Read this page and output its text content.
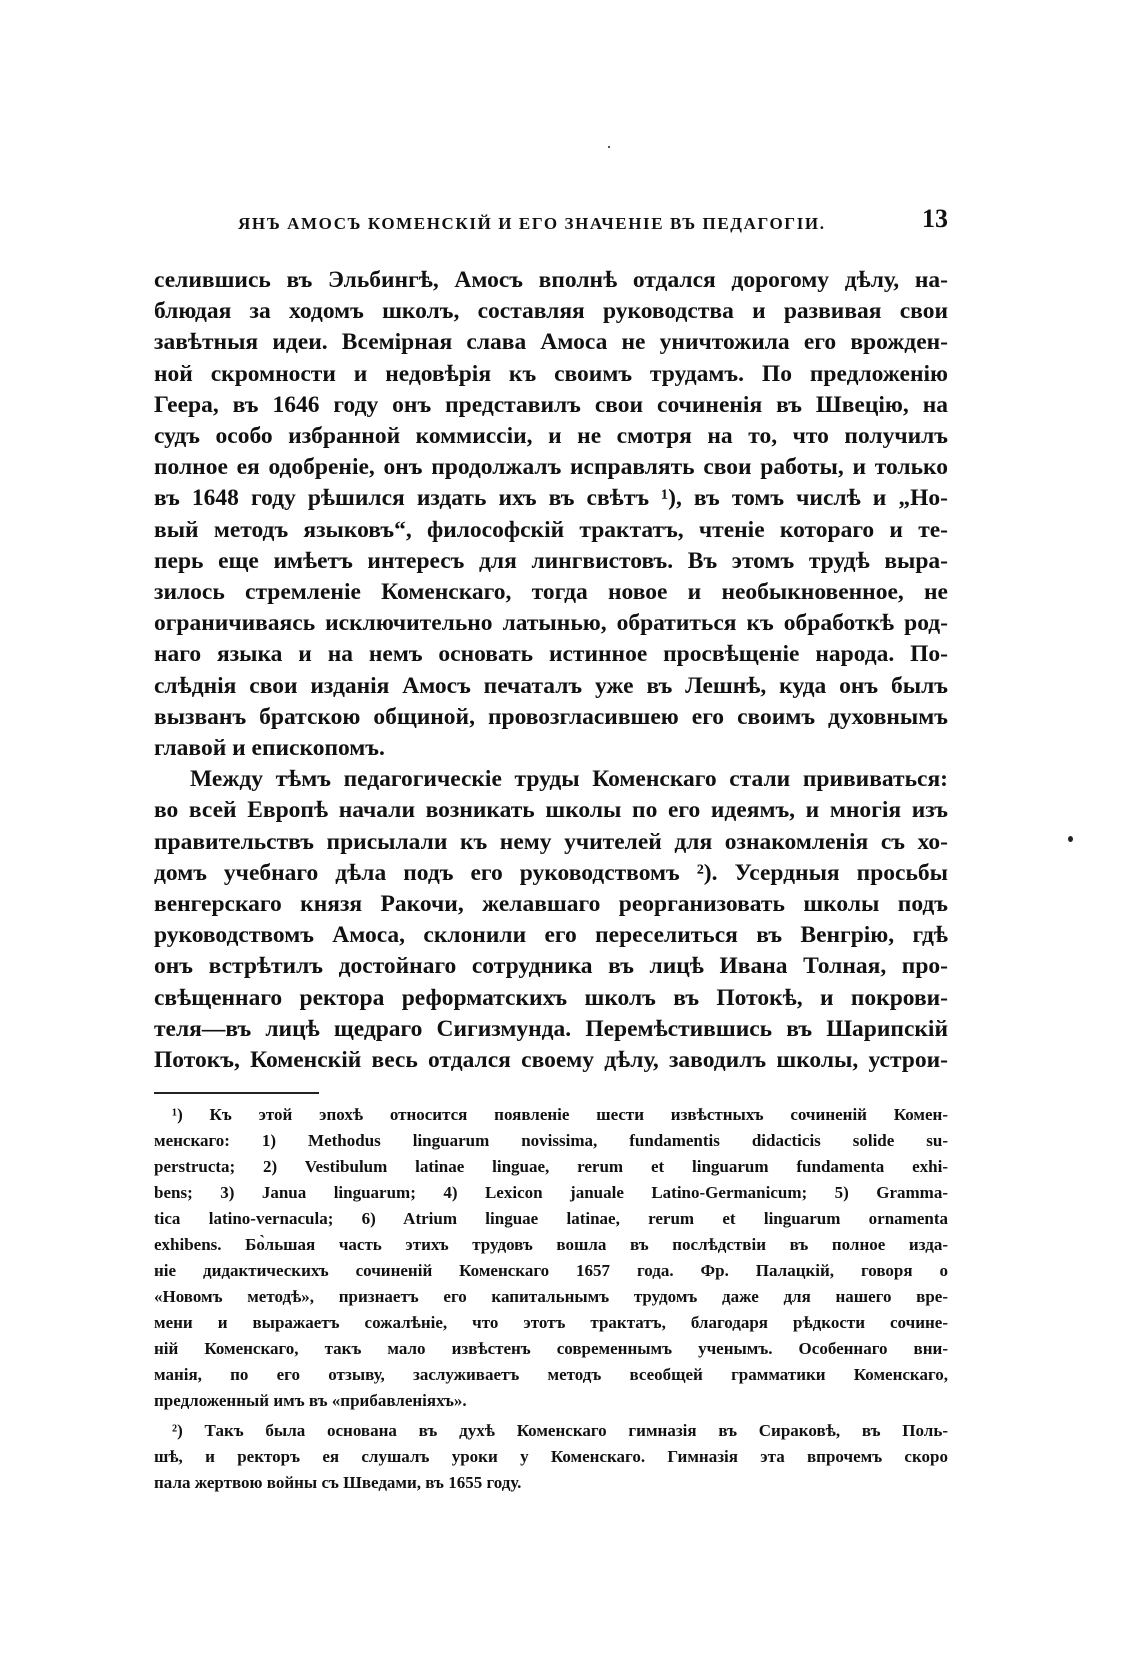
ЯНЪ АМОСЪ КОМЕНСКІЙ И ЕГО ЗНАЧЕНІЕ ВЪ ПЕДАГОГІИ.	13

селившись въ Эльбингѣ, Амосъ вполнѣ отдался дорогому дѣлу, на-
блюдая за ходомъ школъ, составляя руководства и развивая свои
завѣтныя идеи. Всемірная слава Амоса не уничтожила его врожден-
ной скромности и недовѣрія къ своимъ трудамъ. По предложенію
Геера, въ 1646 году онъ представилъ свои сочиненія въ Швецію, на
судъ особо избранной коммиссіи, и не смотря на то, что получилъ
полное ея одобреніе, онъ продолжалъ исправлять свои работы, и только
въ 1648 году рѣшился издать ихъ въ свѣтъ ¹), въ томъ числѣ и „Но-
вый методъ языковъ“, философскій трактатъ, чтеніе котораго и те-
перь еще имѣетъ интересъ для лингвистовъ. Въ этомъ трудѣ выра-
зилось стремленіе Коменскаго, тогда новое и необыкновенное, не
ограничиваясь исключительно латынью, обратиться къ обработкѣ род-
наго языка и на немъ основать истинное просвѣщеніе народа. По-
слѣднія свои изданія Амосъ печаталъ уже въ Лешнѣ, куда онъ былъ
вызванъ братскою общиной, провозгласившею его своимъ духовнымъ
главой и епископомъ.

Между тѣмъ педагогическіе труды Коменскаго стали прививаться:
во всей Европѣ начали возникать школы по его идеямъ, и многія изъ
правительствъ присылали къ нему учителей для ознакомленія съ хо-
домъ учебнаго дѣла подъ его руководствомъ ²). Усердныя просьбы
венгерскаго князя Ракочи, желавшаго реорганизовать школы подъ
руководствомъ Амоса, склонили его переселиться въ Венгрію, гдѣ
онъ встрѣтилъ достойнаго сотрудника въ лицѣ Ивана Толная, про-
свѣщеннаго ректора реформатскихъ школъ въ Потокѣ, и покрови-
теля—въ лицѣ щедраго Сигизмунда. Перемѣстившись въ Шарипскій
Потокъ, Коменскій весь отдался своему дѣлу, заводилъ школы, устрои-

¹) Къ этой эпохѣ относится появленіе шести извѣстныхъ сочиненій Комен-
менскаго: 1) Methodus linguarum novissima, fundamentis didacticis solide su-
perstructa; 2) Vestibulum latinae linguae, rerum et linguarum fundamenta exhi-
bens; 3) Janua linguarum; 4) Lexicon januale Latino-Germanicum; 5) Gramma-
tica latino-vernacula; 6) Atrium linguae latinae, rerum et linguarum ornamenta
exhibens. Бо̀льшая часть этихъ трудовъ вошла въ послѣдствіи въ полное изда-
ніе дидактическихъ сочиненій Коменскаго 1657 года. Фр. Палацкій, говоря о
«Новомъ методѣ», признаетъ его капитальнымъ трудомъ даже для нашего вре-
мени и выражаетъ сожалѣніе, что этотъ трактатъ, благодаря рѣдкости сочине-
ній Коменскаго, такъ мало извѣстенъ современнымъ ученымъ. Особеннаго вни-
манія, по его отзыву, заслуживаетъ методъ всеобщей грамматики Коменскаго,
предложенный имъ въ «прибавленіяхъ».

²) Такъ была основана въ духѣ Коменскаго гимназія въ Сираковѣ, въ Поль-
шѣ, и ректоръ ея слушалъ уроки у Коменскаго. Гимназія эта впрочемъ скоро
пала жертвою войны съ Шведами, въ 1655 году.
